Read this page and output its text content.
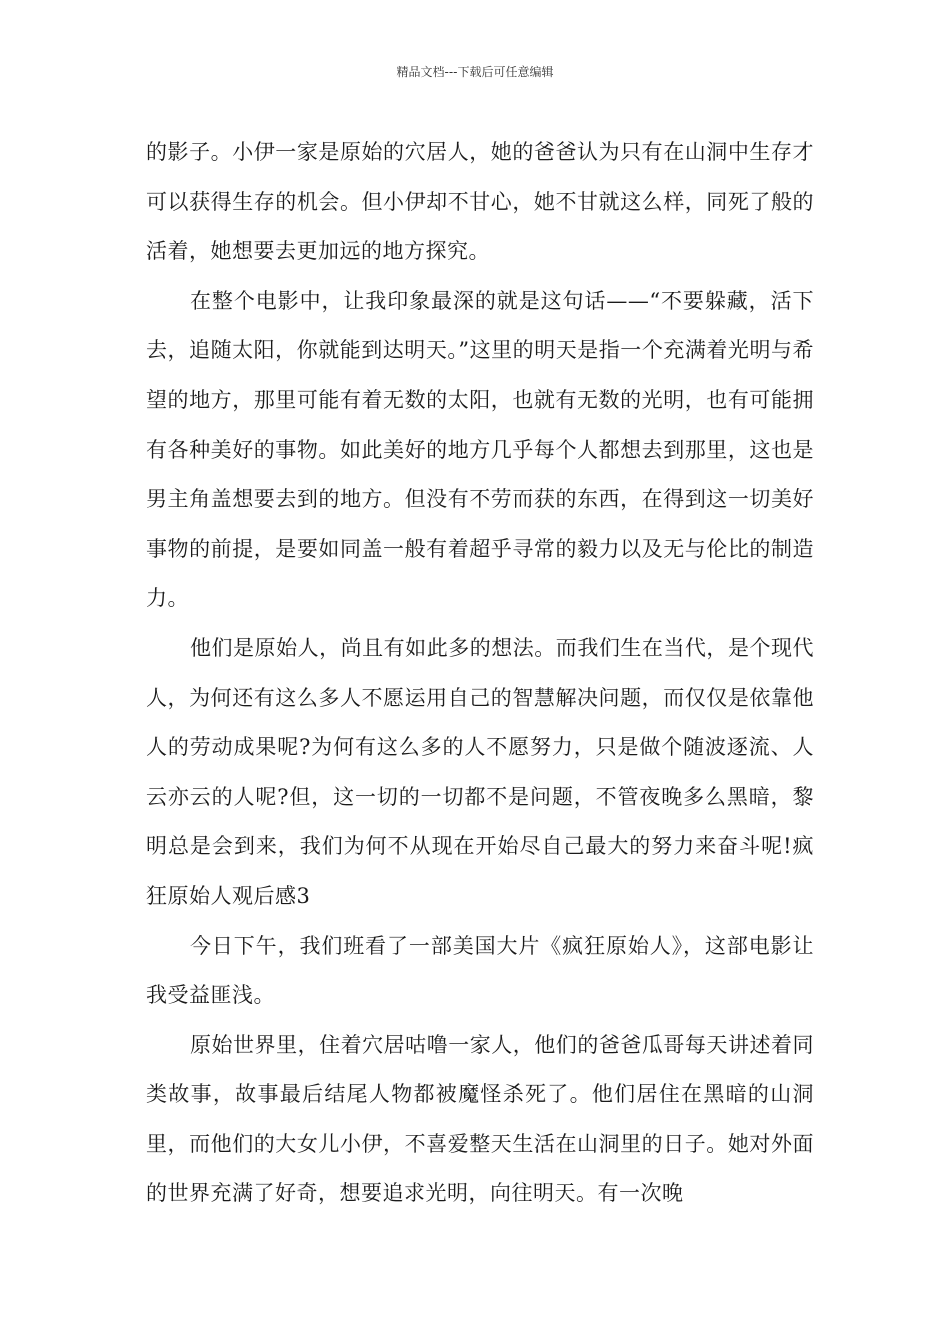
精品文档---下载后可任意编辑

的影子。小伊一家是原始的穴居人，她的爸爸认为只有在山洞中生存才可以获得生存的机会。但小伊却不甘心，她不甘就这么样，同死了般的活着，她想要去更加远的地方探究。

在整个电影中，让我印象最深的就是这句话——“不要躲藏，活下去，追随太阳，你就能到达明天。”这里的明天是指一个充满着光明与希望的地方，那里可能有着无数的太阳，也就有无数的光明，也有可能拥有各种美好的事物。如此美好的地方几乎每个人都想去到那里，这也是男主角盖想要去到的地方。但没有不劳而获的东西，在得到这一切美好事物的前提，是要如同盖一般有着超乎寻常的毅力以及无与伦比的制造力。

他们是原始人，尚且有如此多的想法。而我们生在当代，是个现代人，为何还有这么多人不愿运用自己的智慧解决问题，而仅仅是依靠他人的劳动成果呢?为何有这么多的人不愿努力，只是做个随波逐流、人云亦云的人呢?但，这一切的一切都不是问题，不管夜晚多么黑暗，黎明总是会到来，我们为何不从现在开始尽自己最大的努力来奋斗呢!疯狂原始人观后感3

今日下午，我们班看了一部美国大片《疯狂原始人》，这部电影让我受益匪浅。

原始世界里，住着穴居咕噜一家人，他们的爸爸瓜哥每天讲述着同类故事，故事最后结尾人物都被魔怪杀死了。他们居住在黑暗的山洞里，而他们的大女儿小伊，不喜爱整天生活在山洞里的日子。她对外面的世界充满了好奇，想要追求光明，向往明天。有一次晚
